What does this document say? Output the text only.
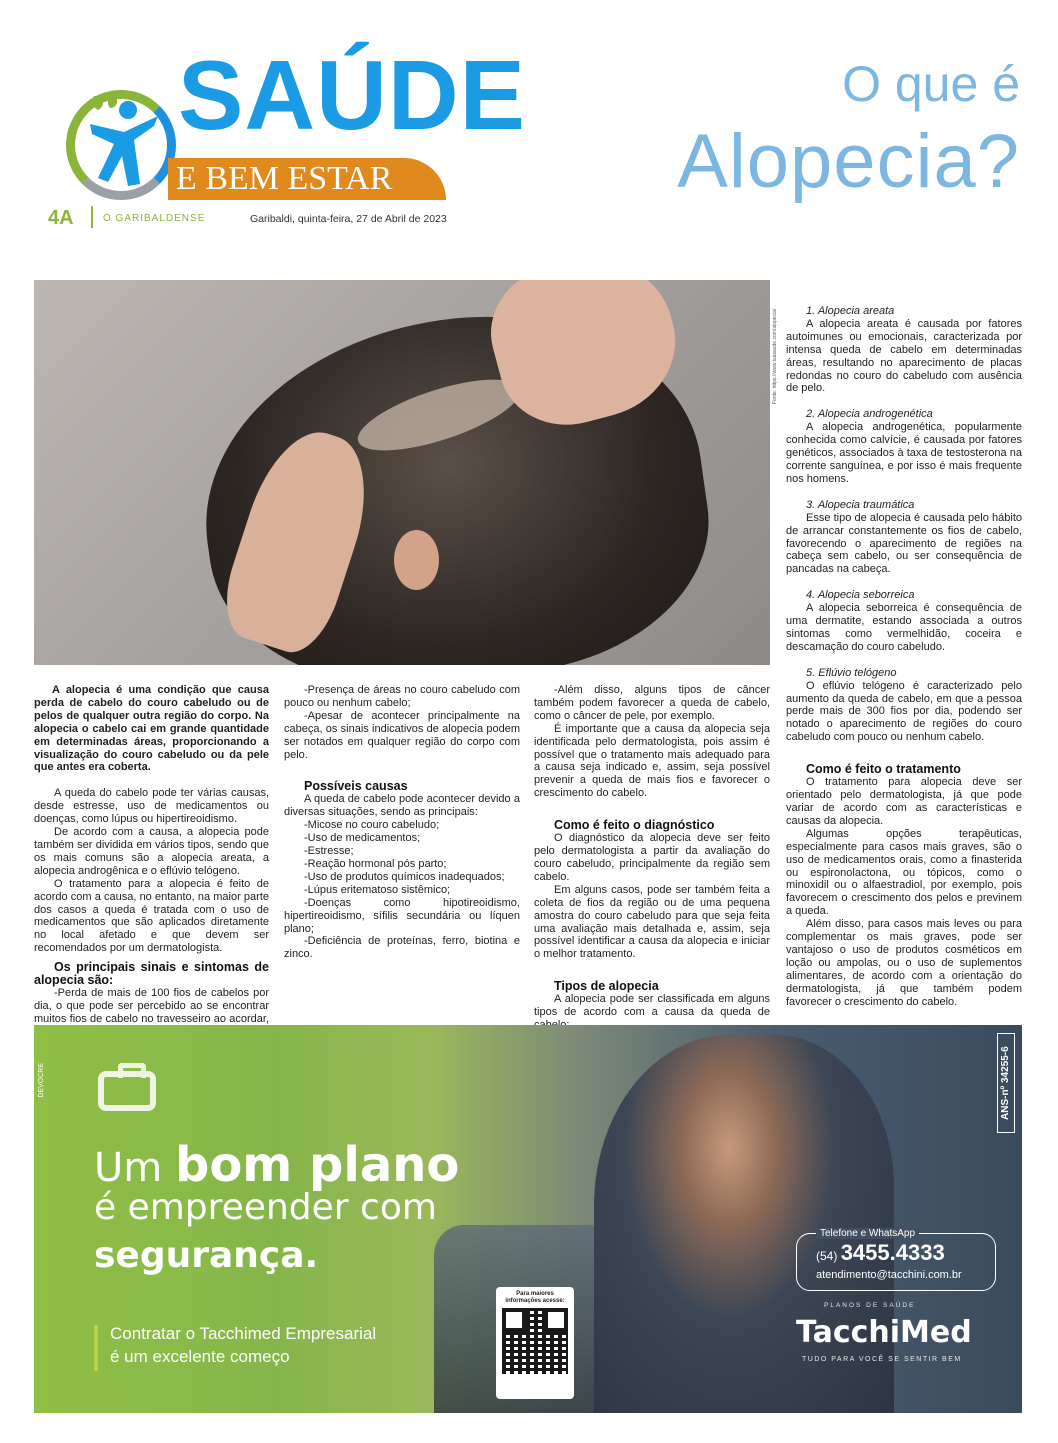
SAÚDE
E BEM ESTAR
4A	O GARIBALDENSE	Garibaldi, quinta-feira, 27 de Abril de 2023
O que é
Alopecia?
Fonte: https://www.tuasaude.com/alopecia/

A alopecia é uma condição que causa perda de cabelo do couro cabeludo ou de pelos de qualquer outra região do corpo. Na alopecia o cabelo cai em grande quantidade em determinadas áreas, proporcionando a visualização do couro cabeludo ou da pele que antes era coberta.

A queda do cabelo pode ter várias causas, desde estresse, uso de medicamentos ou doenças, como lúpus ou hipertireoidismo.

De acordo com a causa, a alopecia pode também ser dividida em vários tipos, sendo que os mais comuns são a alopecia areata, a alopecia androgênica e o eflúvio telógeno.

O tratamento para a alopecia é feito de acordo com a causa, no entanto, na maior parte dos casos a queda é tratada com o uso de medicamentos que são aplicados diretamente no local afetado e que devem ser recomendados por um dermatologista.

Os principais sinais e sintomas de alopecia são:

-Perda de mais de 100 fios de cabelos por dia, o que pode ser percebido ao se encontrar muitos fios de cabelo no travesseiro ao acordar,

-Presença de áreas no couro cabeludo com pouco ou nenhum cabelo;

-Apesar de acontecer principalmente na cabeça, os sinais indicativos de alopecia podem ser notados em qualquer região do corpo com pelo.

Possíveis causas

A queda de cabelo pode acontecer devido a diversas situações, sendo as principais:

-Micose no couro cabeludo;
-Uso de medicamentos;
-Estresse;
-Reação hormonal pós parto;
-Uso de produtos químicos inadequados;
-Lúpus eritematoso sistêmico;
-Doenças como hipotireoidismo, hipertireoidismo, sífilis secundária ou líquen plano;
-Deficiência de proteínas, ferro, biotina e zinco.

-Além disso, alguns tipos de câncer também podem favorecer a queda de cabelo, como o câncer de pele, por exemplo.

É importante que a causa da alopecia seja identificada pelo dermatologista, pois assim é possível que o tratamento mais adequado para a causa seja indicado e, assim, seja possível prevenir a queda de mais fios e favorecer o crescimento do cabelo.

Como é feito o diagnóstico

O diagnóstico da alopecia deve ser feito pelo dermatologista a partir da avaliação do couro cabeludo, principalmente da região sem cabelo.

Em alguns casos, pode ser também feita a coleta de fios da região ou de uma pequena amostra do couro cabeludo para que seja feita uma avaliação mais detalhada e, assim, seja possível identificar a causa da alopecia e iniciar o melhor tratamento.

Tipos de alopecia

A alopecia pode ser classificada em alguns tipos de acordo com a causa da queda de

1. Alopecia areata

A alopecia areata é causada por fatores autoimunes ou emocionais, caracterizada por intensa queda de cabelo em determinadas áreas, resultando no aparecimento de placas redondas no couro do cabeludo com ausência de pelo.

2. Alopecia androgenética

A alopecia androgenética, popularmente conhecida como calvície, é causada por fatores genéticos, associados à taxa de testosterona na corrente sanguínea, e por isso é mais frequente nos homens.

3. Alopecia traumática

Esse tipo de alopecia é causada pelo hábito de arrancar constantemente os fios de cabelo, favorecendo o aparecimento de regiões na cabeça sem cabelo, ou ser consequência de pancadas na cabeça.

4. Alopecia seborreica

A alopecia seborreica é consequência de uma dermatite, estando associada a outros sintomas como vermelhidão, coceira e descamação do couro cabeludo.

5. Eflúvio telógeno

O eflúvio telógeno é caracterizado pelo aumento da queda de cabelo, em que a pessoa perde mais de 300 fios por dia, podendo ser notado o aparecimento de regiões do couro cabeludo com pouco ou nenhum cabelo.

Como é feito o tratamento

O tratamento para alopecia deve ser orientado pelo dermatologista, já que pode variar de acordo com as características e causas da alopecia.

Algumas opções terapêuticas, especialmente para casos mais graves, são o uso de medicamentos orais, como a finasterida ou espironolactona, ou tópicos, como o minoxidil ou o alfaestradiol, por exemplo, pois favorecem o crescimento dos pelos e previnem a queda.

Além disso, para casos mais leves ou para complementar os mais graves, pode ser vantajoso o uso de produtos cosméticos em loção ou ampolas, ou o uso de suplementos alimentares, de acordo com a orientação do dermatologista, já que também podem favorecer o crescimento do cabelo.

DEVOCRE
Um bom plano
é empreender com
segurança.
Contratar o Tacchimed Empresarial
é um excelente começo
Para maiores informações acesse:
ANS-nº 34255-6
Telefone e WhatsApp
(54) 3455.4333
atendimento@tacchini.com.br
PLANOS DE SAÚDE
TacchiMed
TUDO PARA VOCÊ SE SENTIR BEM
